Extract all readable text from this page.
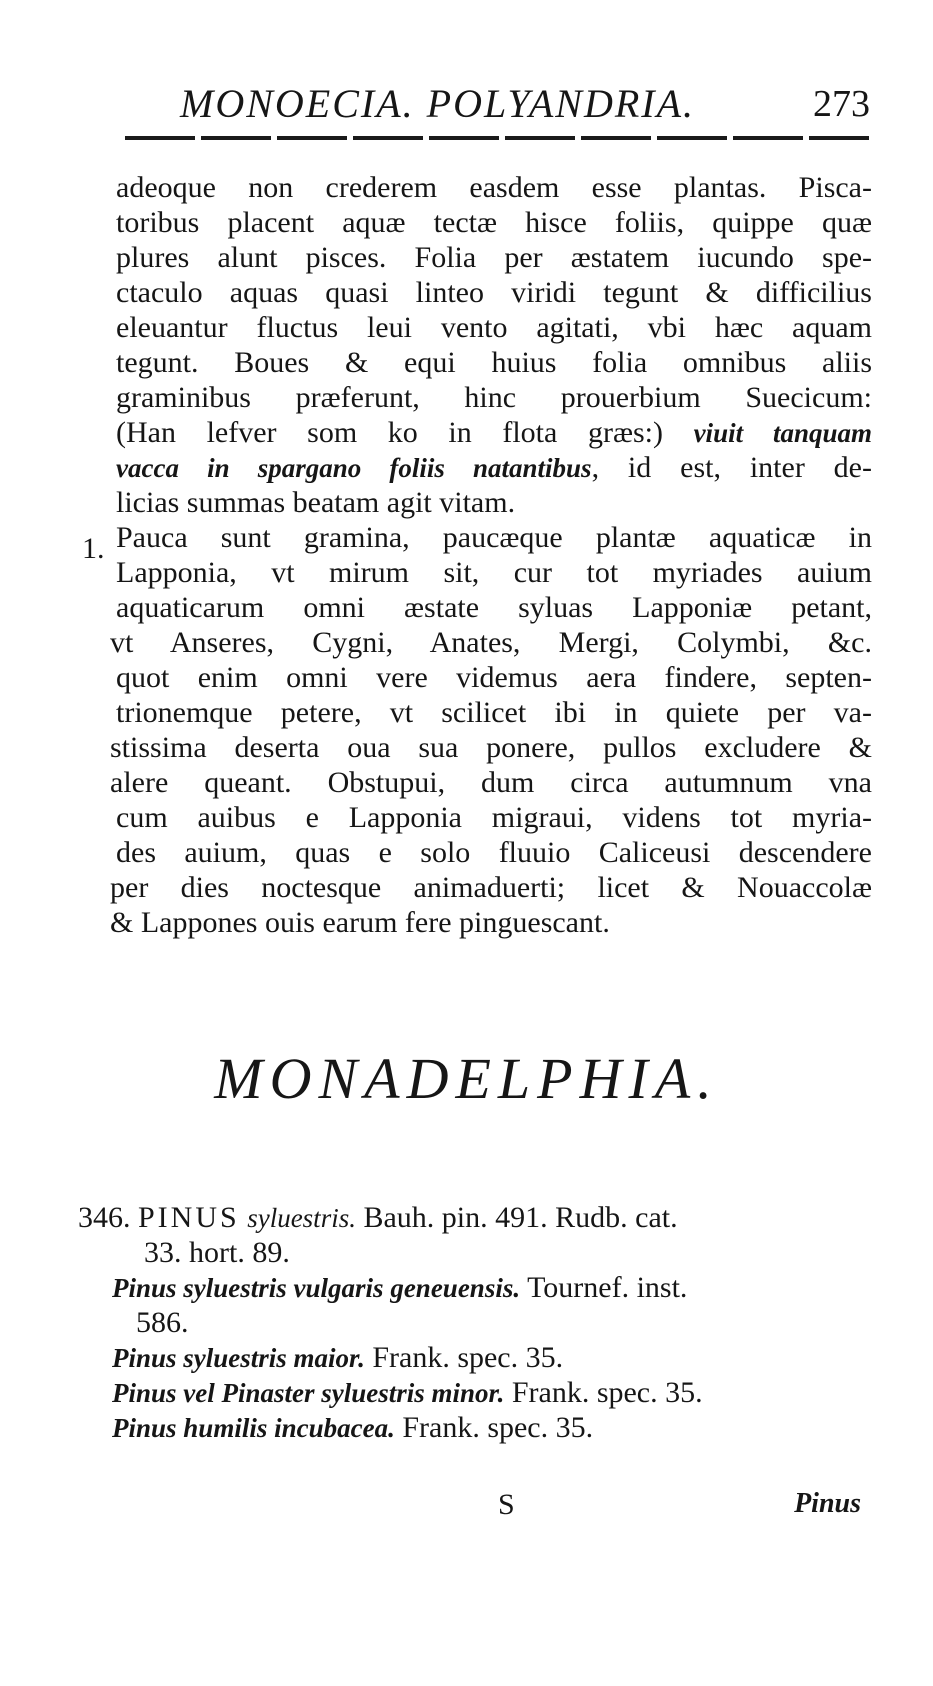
MONOECIA. POLYANDRIA.	273
adeoque non crederem easdem esse plantas. Pisca-
toribus placent aquæ tectæ hisce foliis, quippe quæ
plures alunt pisces. Folia per æstatem iucundo spe-
ctaculo aquas quasi linteo viridi tegunt & difficilius
eleuantur fluctus leui vento agitati, vbi hæc aquam
tegunt. Boues & equi huius folia omnibus aliis
graminibus præferunt, hinc prouerbium Suecicum:
(Han lefver som ko in flota græs:) viuit tanquam
vacca in spargano foliis natantibus, id est, inter de-
licias summas beatam agit vitam.
Pauca sunt gramina, paucæque plantæ aquaticæ in
Lapponia, vt mirum sit, cur tot myriades auium
aquaticarum omni æstate syluas Lapponiæ petant,
vt Anseres, Cygni, Anates, Mergi, Colymbi, &c.
quot enim omni vere videmus aera findere, septen-
trionemque petere, vt scilicet ibi in quiete per va-
stissima deserta oua sua ponere, pullos excludere &
alere queant. Obstupui, dum circa autumnum vna
cum auibus e Lapponia migraui, videns tot myria-
des auium, quas e solo fluuio Caliceusi descendere
per dies noctesque animaduerti; licet & Nouaccolæ
& Lappones ouis earum fere pinguescant.
1.
MONADELPHIA.
346. PINUS syluestris. Bauh. pin. 491. Rudb. cat.
33. hort. 89.
Pinus syluestris vulgaris geneuensis. Tournef. inst.
586.
Pinus syluestris maior. Frank. spec. 35.
Pinus vel Pinaster syluestris minor. Frank. spec. 35.
Pinus humilis incubacea. Frank. spec. 35.
S	Pinus
